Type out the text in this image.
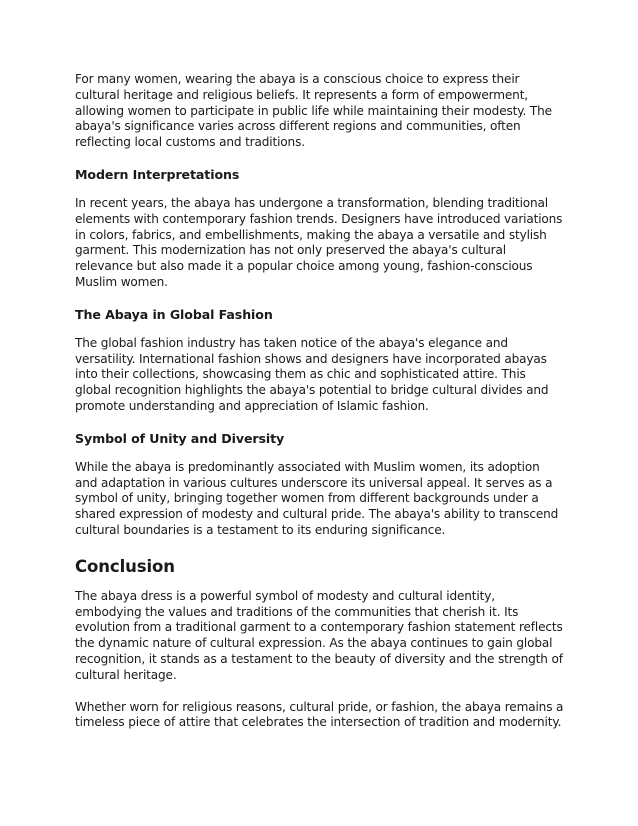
For many women, wearing the abaya is a conscious choice to express their cultural heritage and religious beliefs. It represents a form of empowerment, allowing women to participate in public life while maintaining their modesty. The abaya's significance varies across different regions and communities, often reflecting local customs and traditions.

Modern Interpretations

In recent years, the abaya has undergone a transformation, blending traditional elements with contemporary fashion trends. Designers have introduced variations in colors, fabrics, and embellishments, making the abaya a versatile and stylish garment. This modernization has not only preserved the abaya's cultural relevance but also made it a popular choice among young, fashion-conscious Muslim women.

The Abaya in Global Fashion

The global fashion industry has taken notice of the abaya's elegance and versatility. International fashion shows and designers have incorporated abayas into their collections, showcasing them as chic and sophisticated attire. This global recognition highlights the abaya's potential to bridge cultural divides and promote understanding and appreciation of Islamic fashion.

Symbol of Unity and Diversity

While the abaya is predominantly associated with Muslim women, its adoption and adaptation in various cultures underscore its universal appeal. It serves as a symbol of unity, bringing together women from different backgrounds under a shared expression of modesty and cultural pride. The abaya's ability to transcend cultural boundaries is a testament to its enduring significance.

Conclusion

The abaya dress is a powerful symbol of modesty and cultural identity, embodying the values and traditions of the communities that cherish it. Its evolution from a traditional garment to a contemporary fashion statement reflects the dynamic nature of cultural expression. As the abaya continues to gain global recognition, it stands as a testament to the beauty of diversity and the strength of cultural heritage.

Whether worn for religious reasons, cultural pride, or fashion, the abaya remains a timeless piece of attire that celebrates the intersection of tradition and modernity.
